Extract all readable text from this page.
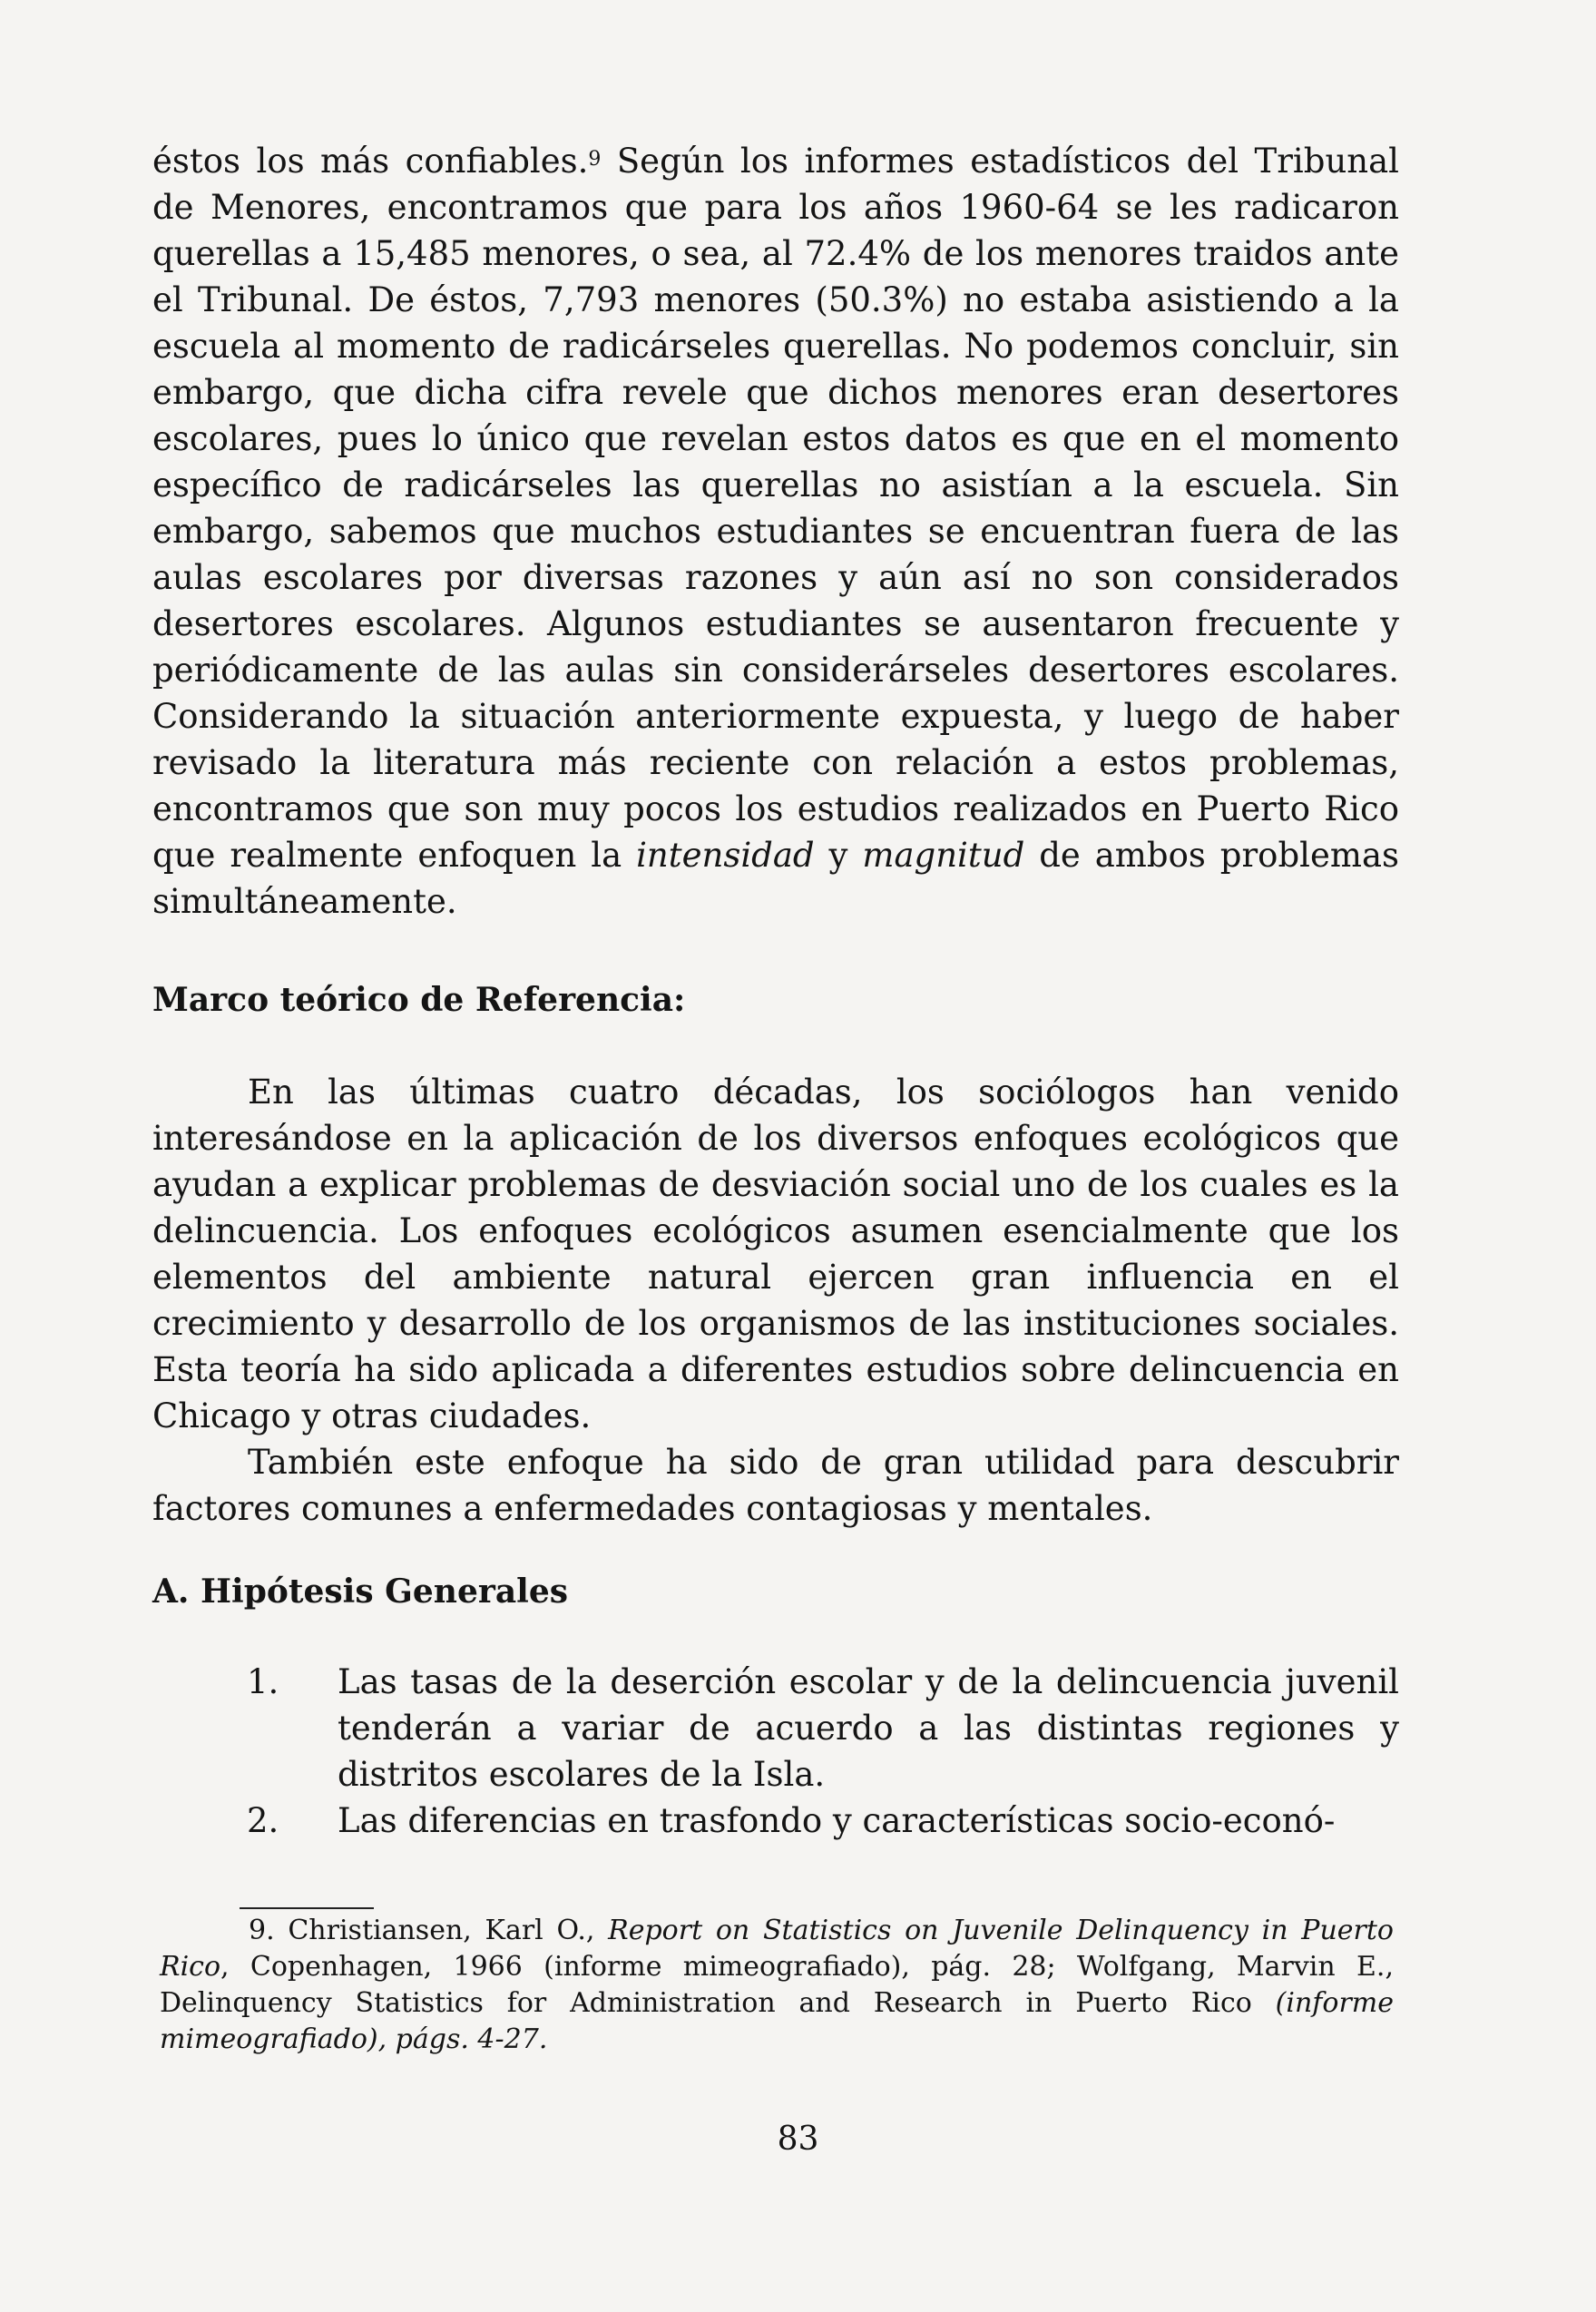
éstos los más confiables.$^9$ Según los informes estadísticos del Tribunal de Menores, encontramos que para los años 1960-64 se les radicaron querellas a 15,485 menores, o sea, al 72.4% de los menores traidos ante el Tribunal. De éstos, 7,793 menores (50.3%) no estaba asistiendo a la escuela al momento de radicárseles querellas. No podemos concluir, sin embargo, que dicha cifra revele que dichos menores eran desertores escolares, pues lo único que revelan estos datos es que en el momento específico de radicárseles las querellas no asistían a la escuela. Sin embargo, sabemos que muchos estudiantes se encuentran fuera de las aulas escolares por diversas razones y aún así no son considerados desertores escolares. Algunos estudiantes se ausentaron frecuente y periódicamente de las aulas sin considerárseles desertores escolares. Considerando la situación anteriormente expuesta, y luego de haber revisado la literatura más reciente con relación a estos problemas, encontramos que son muy pocos los estudios realizados en Puerto Rico que realmente enfoquen la intensidad y magnitud de ambos problemas simultáneamente.

Marco teórico de Referencia:

En las últimas cuatro décadas, los sociólogos han venido interesándose en la aplicación de los diversos enfoques ecológicos que ayudan a explicar problemas de desviación social uno de los cuales es la delincuencia. Los enfoques ecológicos asumen esencialmente que los elementos del ambiente natural ejercen gran influencia en el crecimiento y desarrollo de los organismos de las instituciones sociales. Esta teoría ha sido aplicada a diferentes estudios sobre delincuencia en Chicago y otras ciudades.

También este enfoque ha sido de gran utilidad para descubrir factores comunes a enfermedades contagiosas y mentales.

A. Hipótesis Generales
1. Las tasas de la deserción escolar y de la delincuencia juvenil tenderán a variar de acuerdo a las distintas regiones y distritos escolares de la Isla.
2. Las diferencias en trasfondo y características socio-econó-

9. Christiansen, Karl O., Report on Statistics on Juvenile Delinquency in Puerto Rico, Copenhagen, 1966 (informe mimeografiado), pág. 28; Wolfgang, Marvin E., Delinquency Statistics for Administration and Research in Puerto Rico (informe mimeografiado), págs. 4-27.

83
